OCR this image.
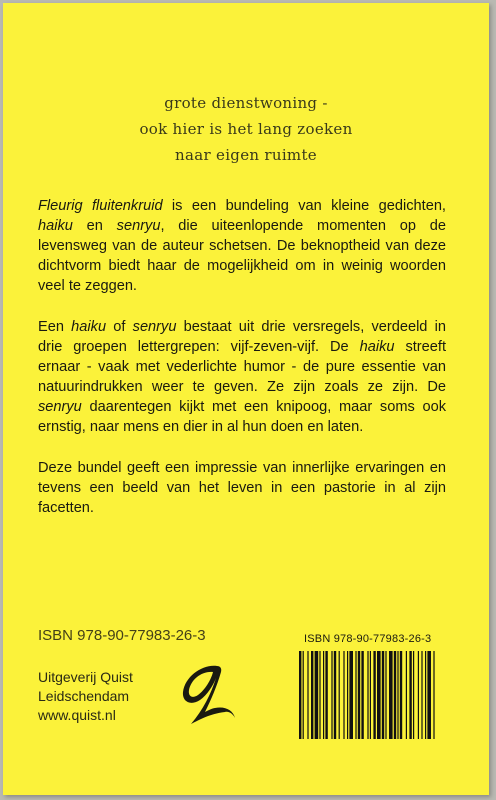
grote dienstwoning -
ook hier is het lang zoeken
naar eigen ruimte

Fleurig fluitenkruid is een bundeling van kleine gedichten, haiku en senryu, die uiteenlopende momenten op de levensweg van de auteur schetsen. De beknoptheid van deze dichtvorm biedt haar de mogelijkheid om in weinig woorden veel te zeggen.

Een haiku of senryu bestaat uit drie versregels, verdeeld in drie groepen lettergrepen: vijf-zeven-vijf. De haiku streeft ernaar - vaak met vederlichte humor - de pure essentie van natuurindrukken weer te geven. Ze zijn zoals ze zijn. De senryu daarentegen kijkt met een knipoog, maar soms ook ernstig, naar mens en dier in al hun doen en laten.

Deze bundel geeft een impressie van innerlijke ervaringen en tevens een beeld van het leven in een pastorie in al zijn facetten.

ISBN 978-90-77983-26-3
Uitgeverij Quist
Leidschendam
www.quist.nl
ISBN 978-90-77983-26-3
